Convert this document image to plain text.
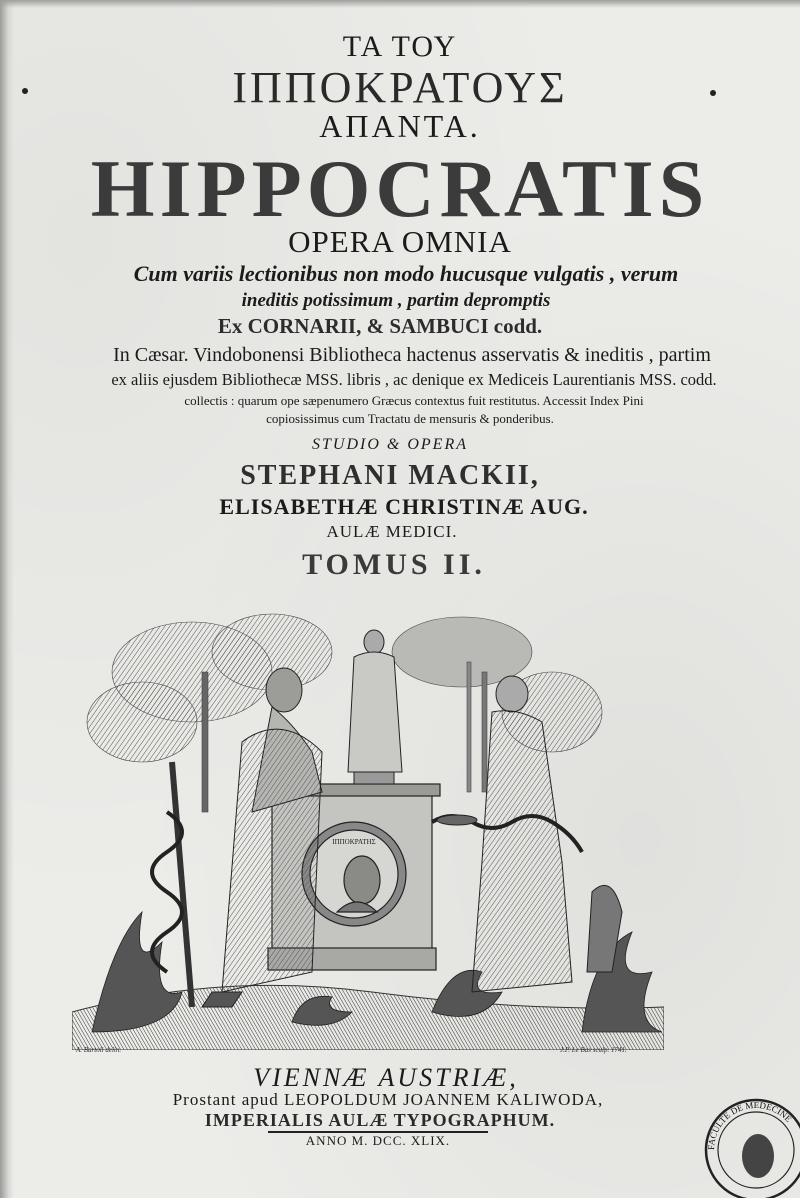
ΤΑ ΤΟΥ
ΙΠΠΟΚΡΑΤΟΥΣ
ΑΠΑΝΤΑ.
HIPPOCRATIS
OPERA OMNIA
Cum variis lectionibus non modo hucusque vulgatis , verum
ineditis potissimum , partim depromptis
Ex CORNARII, & SAMBUCI codd.
In Cæsar. Vindobonensi Bibliotheca hactenus asservatis & ineditis , partim
ex aliis ejusdem Bibliothecæ MSS. libris , ac denique ex Mediceis Laurentianis MSS. codd.
collectis : quarum ope sæpenumero Græcus contextus fuit restitutus. Accessit Index Pini
copiosissimus cum Tractatu de mensuris & ponderibus.
STUDIO & OPERA
STEPHANI MACKII,
ELISABETHÆ CHRISTINÆ AUG.
AULÆ MEDICI.
TOMUS II.
ΙΠΠΟΚΡΑΤΗΣ
A. Bartoli delin.	J.P. Le Bas sculp. 1741.
VIENNÆ AUSTRIÆ,
Prostant apud LEOPOLDUM JOANNEM KALIWODA,
IMPERIALIS AULÆ TYPOGRAPHUM.
ANNO M. DCC. XLIX.	FACULTE DE MEDECINE
